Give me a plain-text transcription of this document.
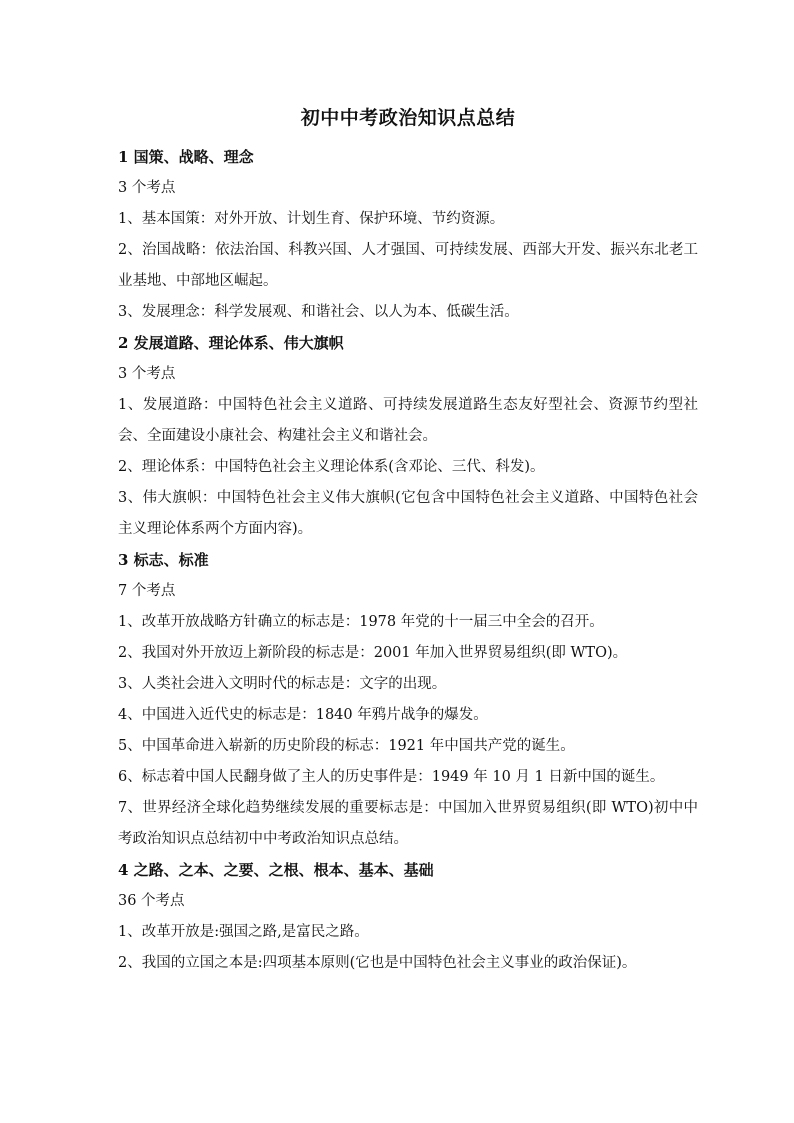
初中中考政治知识点总结

1 国策、战略、理念

3 个考点

1、基本国策：对外开放、计划生育、保护环境、节约资源。

2、治国战略：依法治国、科教兴国、人才强国、可持续发展、西部大开发、振兴东北老工业基地、中部地区崛起。

3、发展理念：科学发展观、和谐社会、以人为本、低碳生活。

2 发展道路、理论体系、伟大旗帜

3 个考点

1、发展道路：中国特色社会主义道路、可持续发展道路生态友好型社会、资源节约型社会、全面建设小康社会、构建社会主义和谐社会。

2、理论体系：中国特色社会主义理论体系(含邓论、三代、科发)。

3、伟大旗帜：中国特色社会主义伟大旗帜(它包含中国特色社会主义道路、中国特色社会主义理论体系两个方面内容)。

3 标志、标准

7 个考点

1、改革开放战略方针确立的标志是：1978 年党的十一届三中全会的召开。

2、我国对外开放迈上新阶段的标志是：2001 年加入世界贸易组织(即 WTO)。

3、人类社会进入文明时代的标志是：文字的出现。

4、中国进入近代史的标志是：1840 年鸦片战争的爆发。

5、中国革命进入崭新的历史阶段的标志：1921 年中国共产党的诞生。

6、标志着中国人民翻身做了主人的历史事件是：1949 年 10 月 1 日新中国的诞生。

7、世界经济全球化趋势继续发展的重要标志是：中国加入世界贸易组织(即 WTO)初中中考政治知识点总结初中中考政治知识点总结。

4 之路、之本、之要、之根、根本、基本、基础

36 个考点

1、改革开放是:强国之路,是富民之路。

2、我国的立国之本是:四项基本原则(它也是中国特色社会主义事业的政治保证)。
